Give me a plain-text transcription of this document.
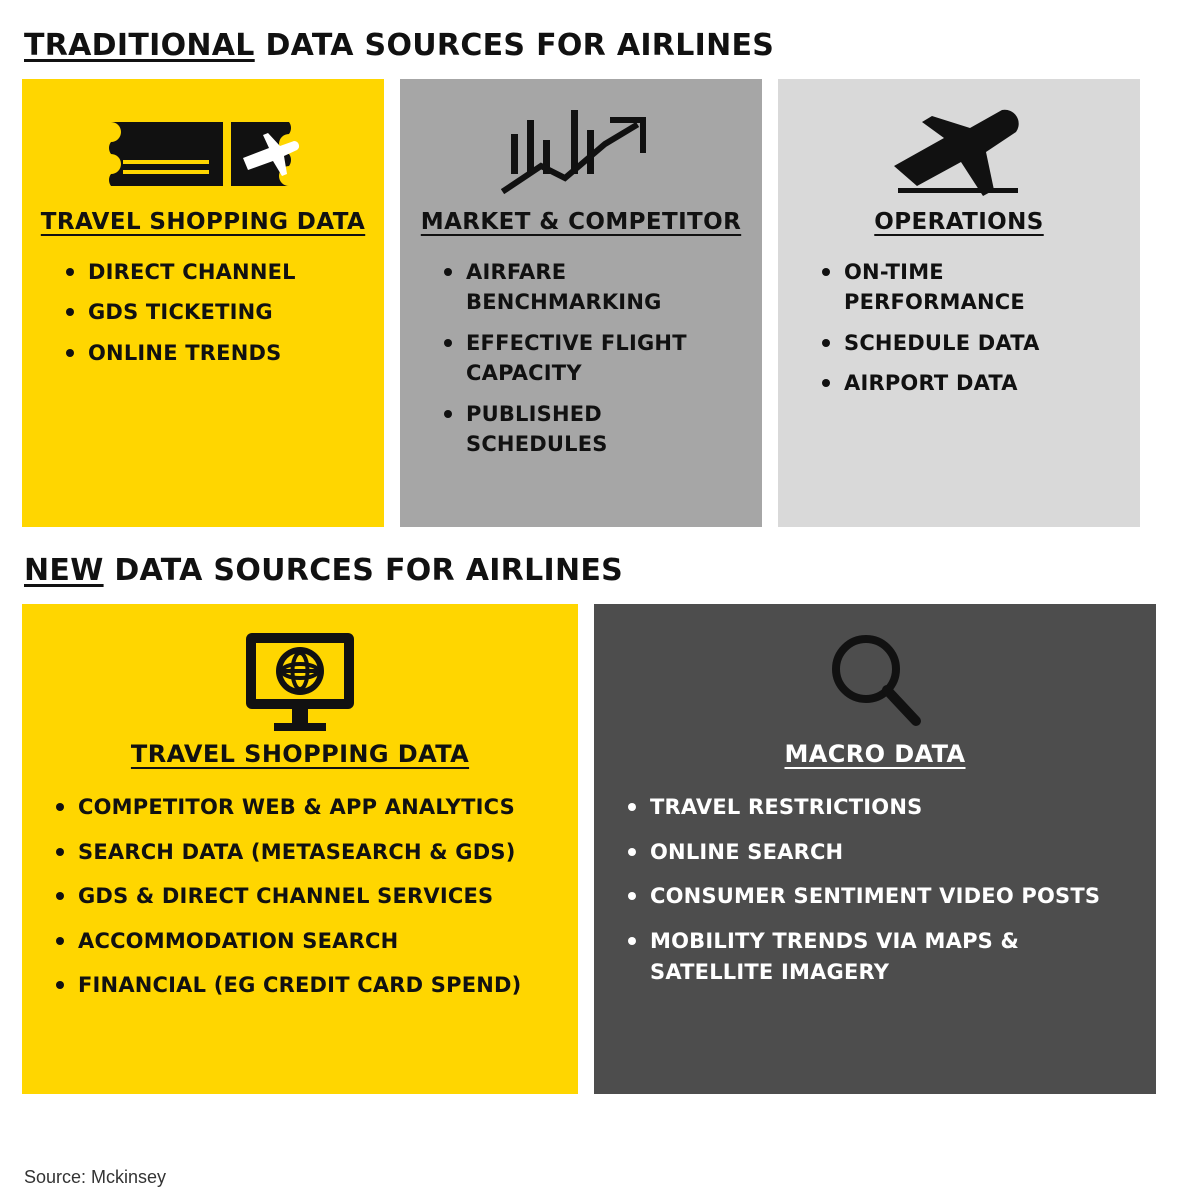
TRADITIONAL DATA SOURCES FOR AIRLINES
TRAVEL SHOPPING DATA
DIRECT CHANNEL
GDS TICKETING
ONLINE TRENDS
MARKET & COMPETITOR
AIRFARE BENCHMARKING
EFFECTIVE FLIGHT CAPACITY
PUBLISHED SCHEDULES
OPERATIONS
ON-TIME PERFORMANCE
SCHEDULE DATA
AIRPORT DATA
NEW DATA SOURCES FOR AIRLINES
TRAVEL SHOPPING DATA
COMPETITOR WEB & APP ANALYTICS
SEARCH DATA (METASEARCH & GDS)
GDS & DIRECT CHANNEL SERVICES
ACCOMMODATION SEARCH
FINANCIAL (EG CREDIT CARD SPEND)
MACRO DATA
TRAVEL RESTRICTIONS
ONLINE SEARCH
CONSUMER SENTIMENT VIDEO POSTS
MOBILITY TRENDS VIA MAPS & SATELLITE IMAGERY
Source: Mckinsey
